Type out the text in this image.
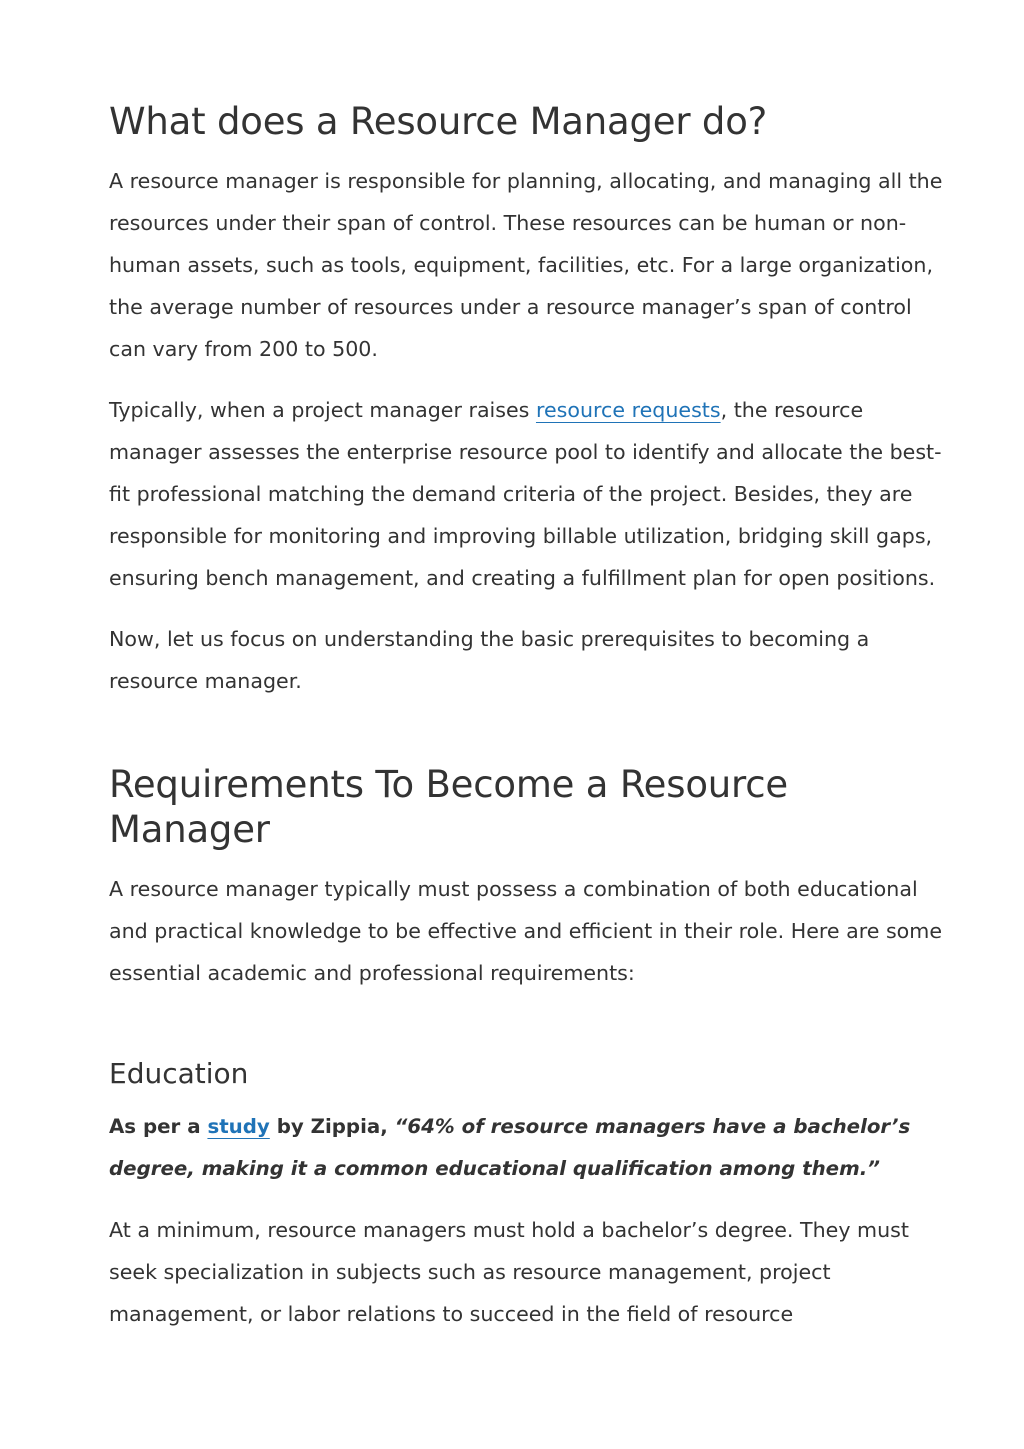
What does a Resource Manager do?

A resource manager is responsible for planning, allocating, and managing all the resources under their span of control. These resources can be human or non-human assets, such as tools, equipment, facilities, etc. For a large organization, the average number of resources under a resource manager’s span of control can vary from 200 to 500.

Typically, when a project manager raises resource requests, the resource manager assesses the enterprise resource pool to identify and allocate the best-fit professional matching the demand criteria of the project. Besides, they are responsible for monitoring and improving billable utilization, bridging skill gaps, ensuring bench management, and creating a fulfillment plan for open positions.

Now, let us focus on understanding the basic prerequisites to becoming a resource manager.

Requirements To Become a Resource Manager

A resource manager typically must possess a combination of both educational and practical knowledge to be effective and efficient in their role. Here are some essential academic and professional requirements:

Education

As per a study by Zippia, “64% of resource managers have a bachelor’s degree, making it a common educational qualification among them.”

At a minimum, resource managers must hold a bachelor’s degree. They must seek specialization in subjects such as resource management, project management, or labor relations to succeed in the field of resource
